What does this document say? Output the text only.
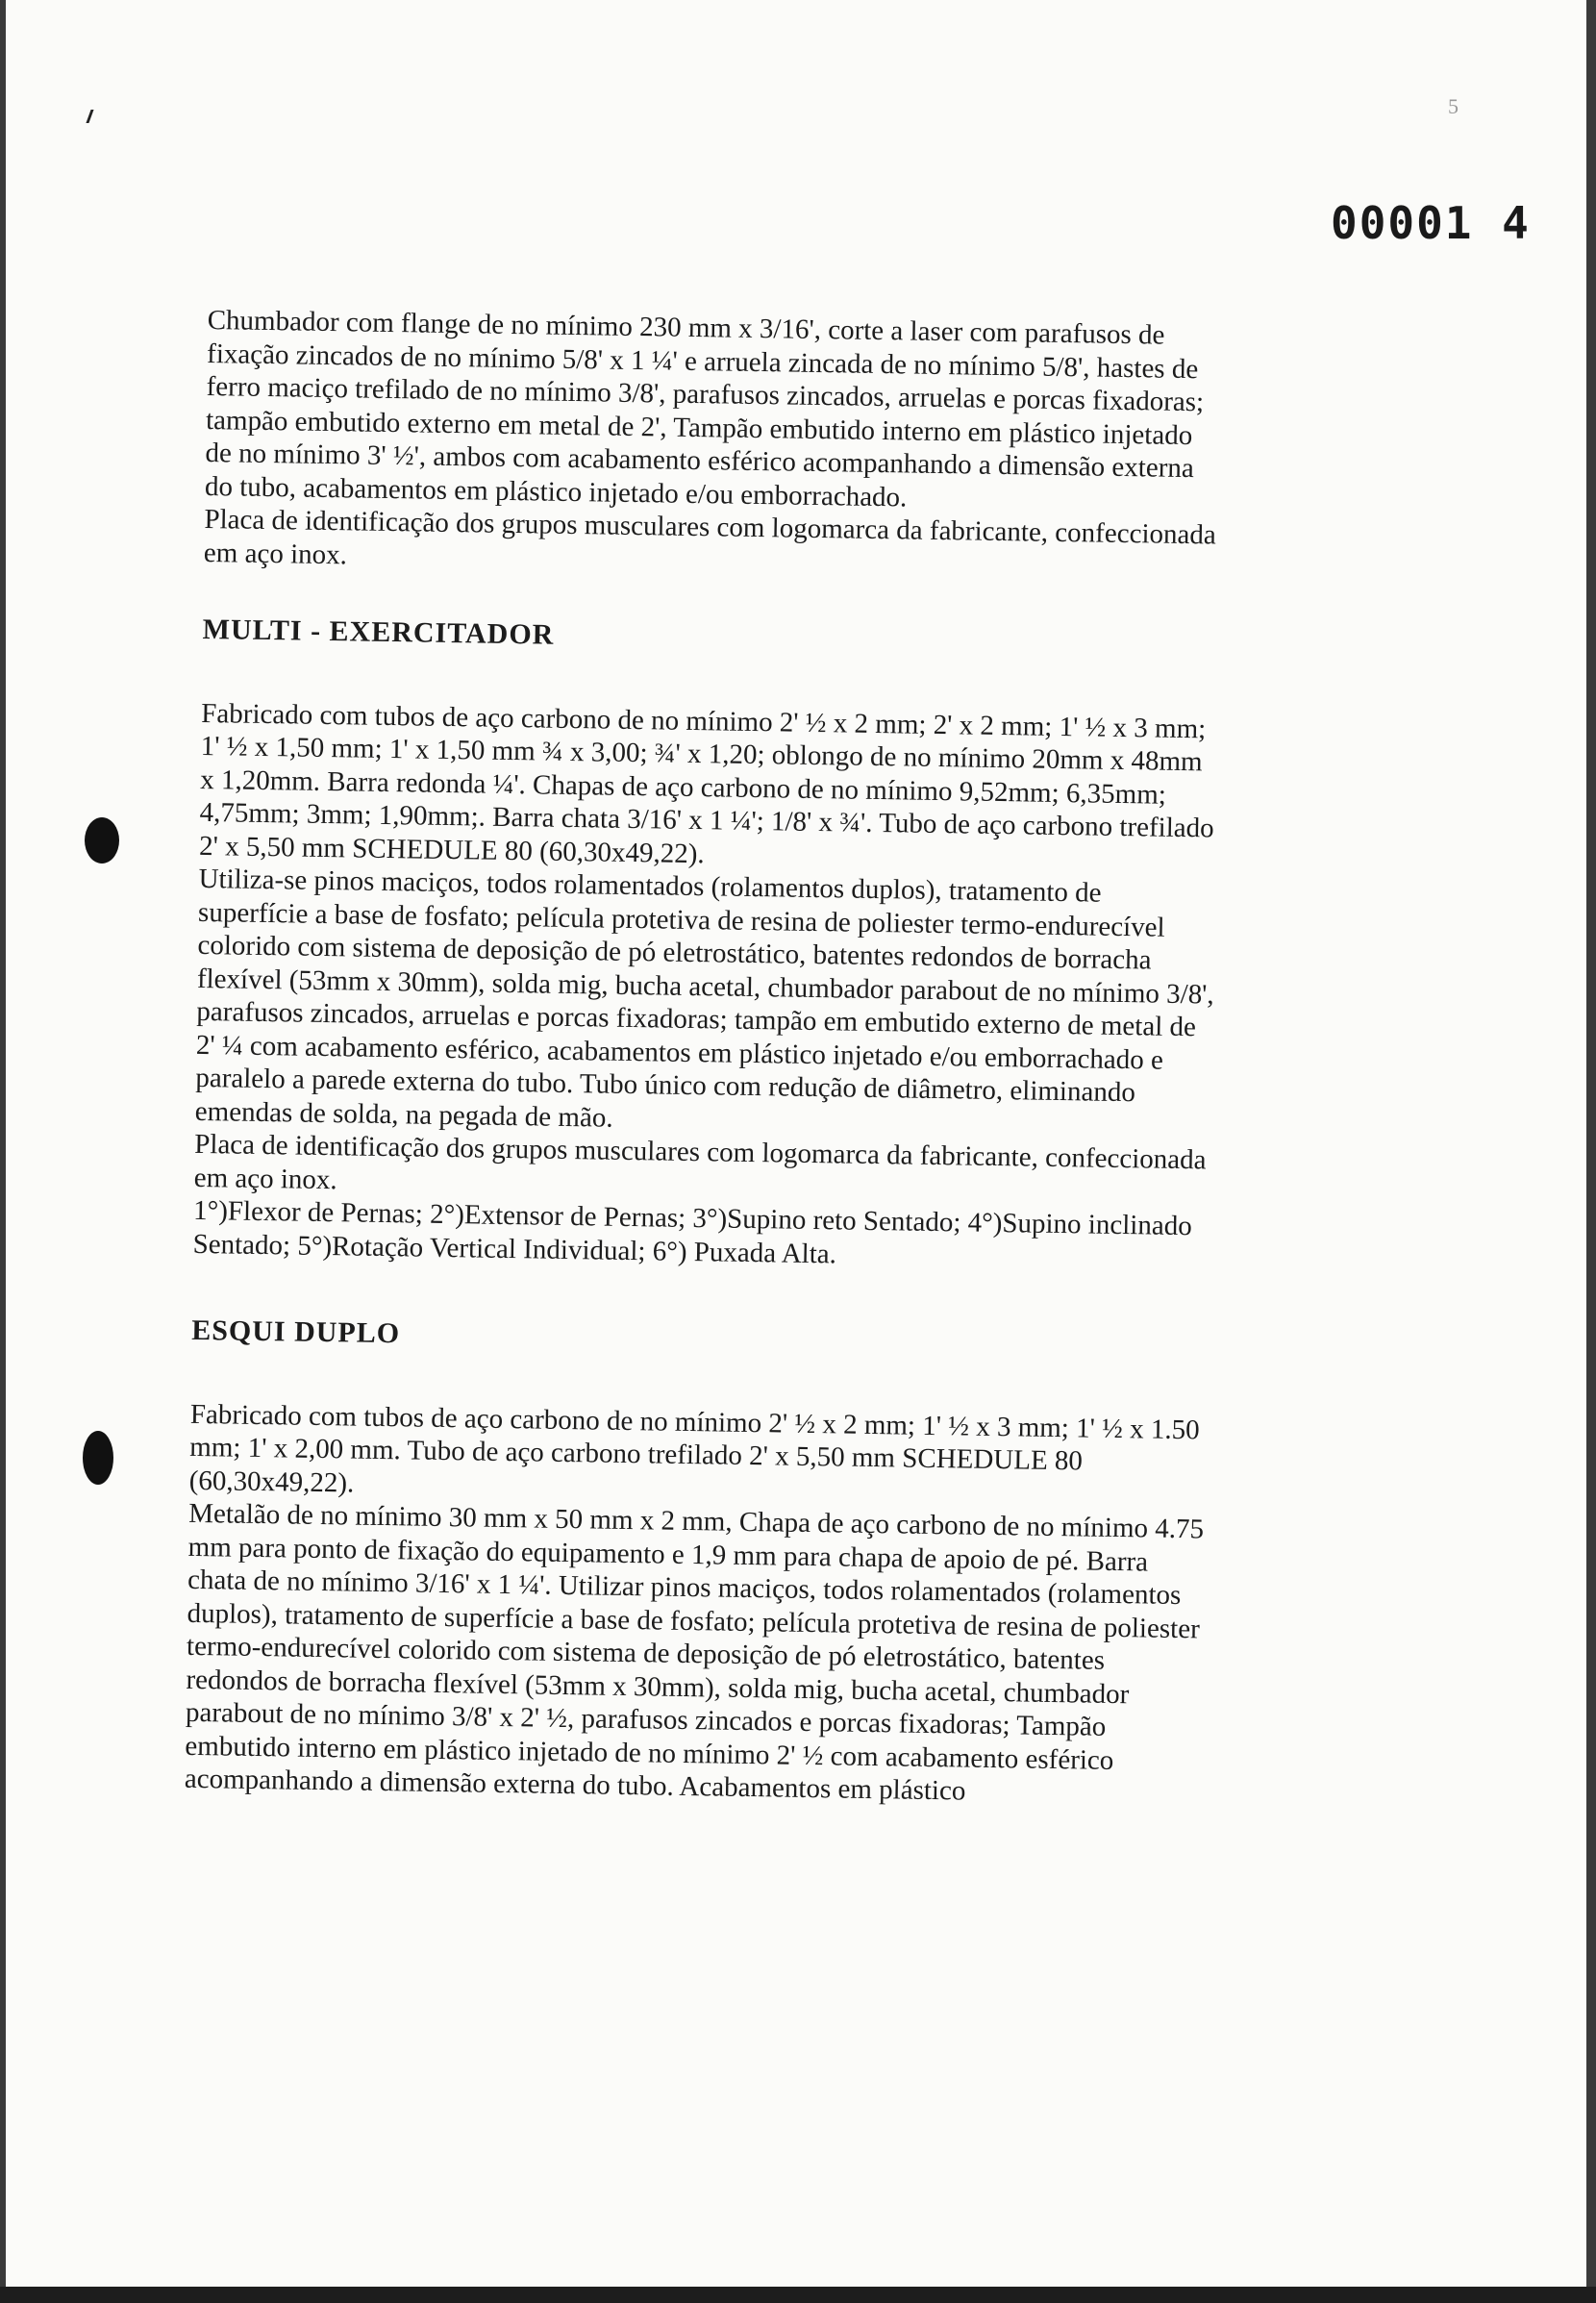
5
00001 4

Chumbador com flange de no mínimo 230 mm x 3/16', corte a laser com parafusos de fixação zincados de no mínimo 5/8' x 1 ¼' e arruela zincada de no mínimo 5/8', hastes de ferro maciço trefilado de no mínimo 3/8', parafusos zincados, arruelas e porcas fixadoras; tampão embutido externo em metal de 2', Tampão embutido interno em plástico injetado de no mínimo 3' ½', ambos com acabamento esférico acompanhando a dimensão externa do tubo, acabamentos em plástico injetado e/ou emborrachado.

Placa de identificação dos grupos musculares com logomarca da fabricante, confeccionada em aço inox.

MULTI - EXERCITADOR

Fabricado com tubos de aço carbono de no mínimo 2' ½ x 2 mm; 2' x 2 mm; 1' ½ x 3 mm; 1' ½ x 1,50 mm; 1' x 1,50 mm ¾ x 3,00; ¾' x 1,20; oblongo de no mínimo 20mm x 48mm x 1,20mm. Barra redonda ¼'. Chapas de aço carbono de no mínimo 9,52mm; 6,35mm; 4,75mm; 3mm; 1,90mm;. Barra chata 3/16' x 1 ¼'; 1/8' x ¾'. Tubo de aço carbono trefilado 2' x 5,50 mm SCHEDULE 80 (60,30x49,22).

Utiliza-se pinos maciços, todos rolamentados (rolamentos duplos), tratamento de superfície a base de fosfato; película protetiva de resina de poliester termo-endurecível colorido com sistema de deposição de pó eletrostático, batentes redondos de borracha flexível (53mm x 30mm), solda mig, bucha acetal, chumbador parabout de no mínimo 3/8', parafusos zincados, arruelas e porcas fixadoras; tampão em embutido externo de metal de 2' ¼ com acabamento esférico, acabamentos em plástico injetado e/ou emborrachado e paralelo a parede externa do tubo. Tubo único com redução de diâmetro, eliminando emendas de solda, na pegada de mão.

Placa de identificação dos grupos musculares com logomarca da fabricante, confeccionada em aço inox.

1°)Flexor de Pernas; 2°)Extensor de Pernas; 3°)Supino reto Sentado; 4°)Supino inclinado Sentado; 5°)Rotação Vertical Individual; 6°) Puxada Alta.

ESQUI DUPLO

Fabricado com tubos de aço carbono de no mínimo 2' ½ x 2 mm; 1' ½ x 3 mm; 1' ½ x 1.50 mm; 1' x 2,00 mm. Tubo de aço carbono trefilado 2' x 5,50 mm SCHEDULE 80 (60,30x49,22).

Metalão de no mínimo 30 mm x 50 mm x 2 mm, Chapa de aço carbono de no mínimo 4.75 mm para ponto de fixação do equipamento e 1,9 mm para chapa de apoio de pé. Barra chata de no mínimo 3/16' x 1 ¼'. Utilizar pinos maciços, todos rolamentados (rolamentos duplos), tratamento de superfície a base de fosfato; película protetiva de resina de poliester termo-endurecível colorido com sistema de deposição de pó eletrostático, batentes redondos de borracha flexível (53mm x 30mm), solda mig, bucha acetal, chumbador parabout de no mínimo 3/8' x 2' ½, parafusos zincados e porcas fixadoras; Tampão embutido interno em plástico injetado de no mínimo 2' ½ com acabamento esférico acompanhando a dimensão externa do tubo. Acabamentos em plástico
